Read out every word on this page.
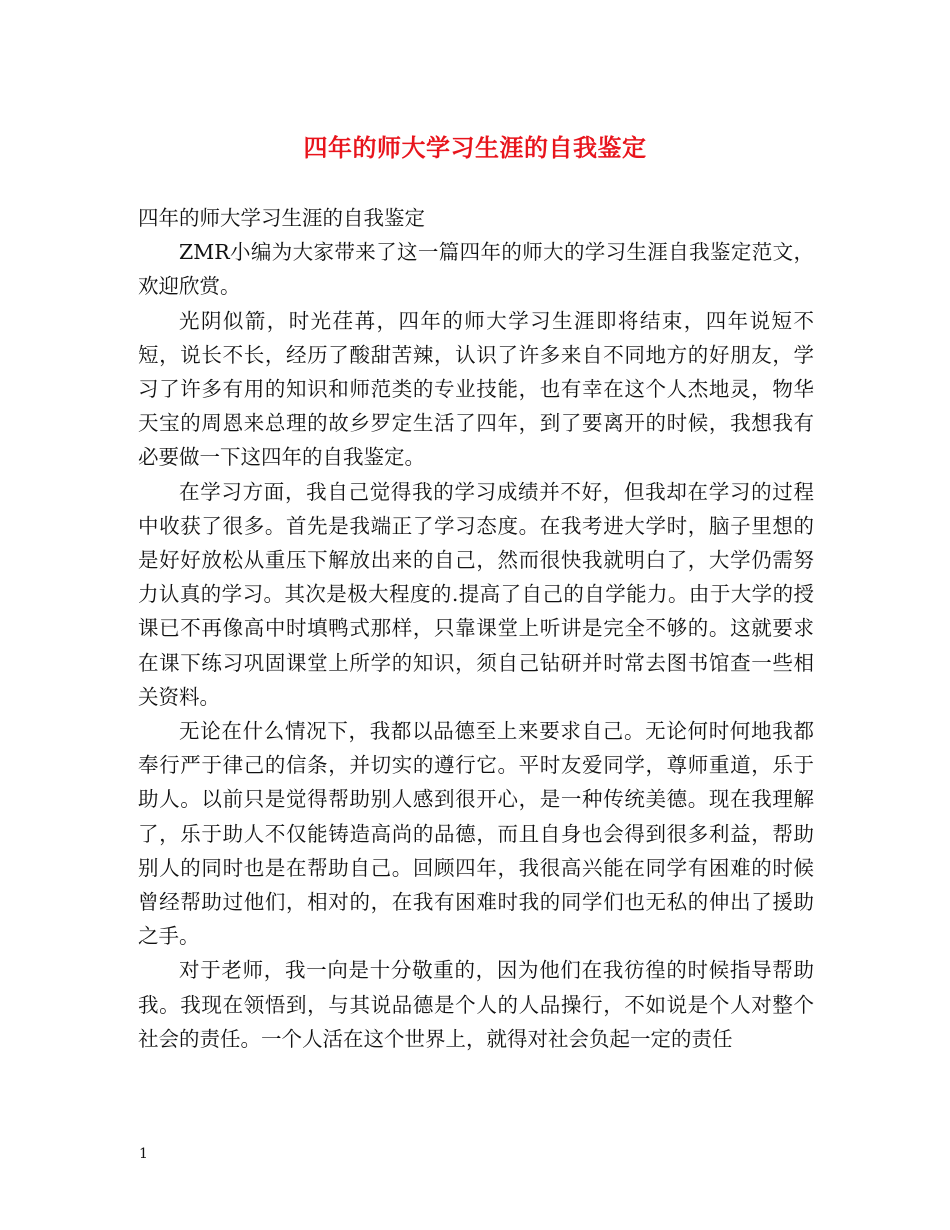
四年的师大学习生涯的自我鉴定

四年的师大学习生涯的自我鉴定

ZMR小编为大家带来了这一篇四年的师大的学习生涯自我鉴定范文，欢迎欣赏。

光阴似箭，时光荏苒，四年的师大学习生涯即将结束，四年说短不短，说长不长，经历了酸甜苦辣，认识了许多来自不同地方的好朋友，学习了许多有用的知识和师范类的专业技能，也有幸在这个人杰地灵，物华天宝的周恩来总理的故乡罗定生活了四年，到了要离开的时候，我想我有必要做一下这四年的自我鉴定。

在学习方面，我自己觉得我的学习成绩并不好，但我却在学习的过程中收获了很多。首先是我端正了学习态度。在我考进大学时，脑子里想的是好好放松从重压下解放出来的自己，然而很快我就明白了，大学仍需努力认真的学习。其次是极大程度的.提高了自己的自学能力。由于大学的授课已不再像高中时填鸭式那样，只靠课堂上听讲是完全不够的。这就要求在课下练习巩固课堂上所学的知识，须自己钻研并时常去图书馆查一些相关资料。

无论在什么情况下，我都以品德至上来要求自己。无论何时何地我都奉行严于律己的信条，并切实的遵行它。平时友爱同学，尊师重道，乐于助人。以前只是觉得帮助别人感到很开心，是一种传统美德。现在我理解了，乐于助人不仅能铸造高尚的品德，而且自身也会得到很多利益，帮助别人的同时也是在帮助自己。回顾四年，我很高兴能在同学有困难的时候曾经帮助过他们，相对的，在我有困难时我的同学们也无私的伸出了援助之手。

对于老师，我一向是十分敬重的，因为他们在我彷徨的时候指导帮助我。我现在领悟到，与其说品德是个人的人品操行，不如说是个人对整个社会的责任。一个人活在这个世界上，就得对社会负起一定的责任

1
